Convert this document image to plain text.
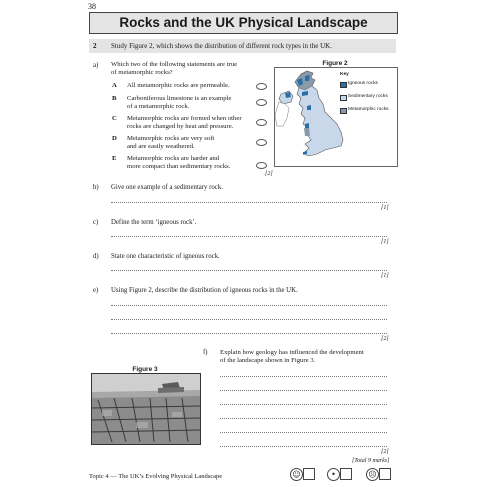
38
Rocks and the UK Physical Landscape
2 Study Figure 2, which shows the distribution of different rock types in the UK.
a) Which two of the following statements are true
of metamorphic rocks?
A All metamorphic rocks are permeable.
B Carboniferous limestone is an example
of a metamorphic rock.
C Metamorphic rocks are formed when other
rocks are changed by heat and pressure.
D Metamorphic rocks are very soft
and are easily weathered.
E Metamorphic rocks are harder and
more compact than sedimentary rocks.
[2]
Figure 2
Key
Igneous rocks
Sedimentary rocks
Metamorphic rocks
b) Give one example of a sedimentary rock.
[1]
c) Define the term ‘igneous rock’.
[1]
d) State one characteristic of igneous rock.
[1]
e) Using Figure 2, describe the distribution of igneous rocks in the UK.
[2]
f) Explain how geology has influenced the development
of the landscape shown in Figure 3.
[2]
[Total 9 marks]
Figure 3
Topic 4 — The UK’s Evolving Physical Landscape	☺	•	☹
